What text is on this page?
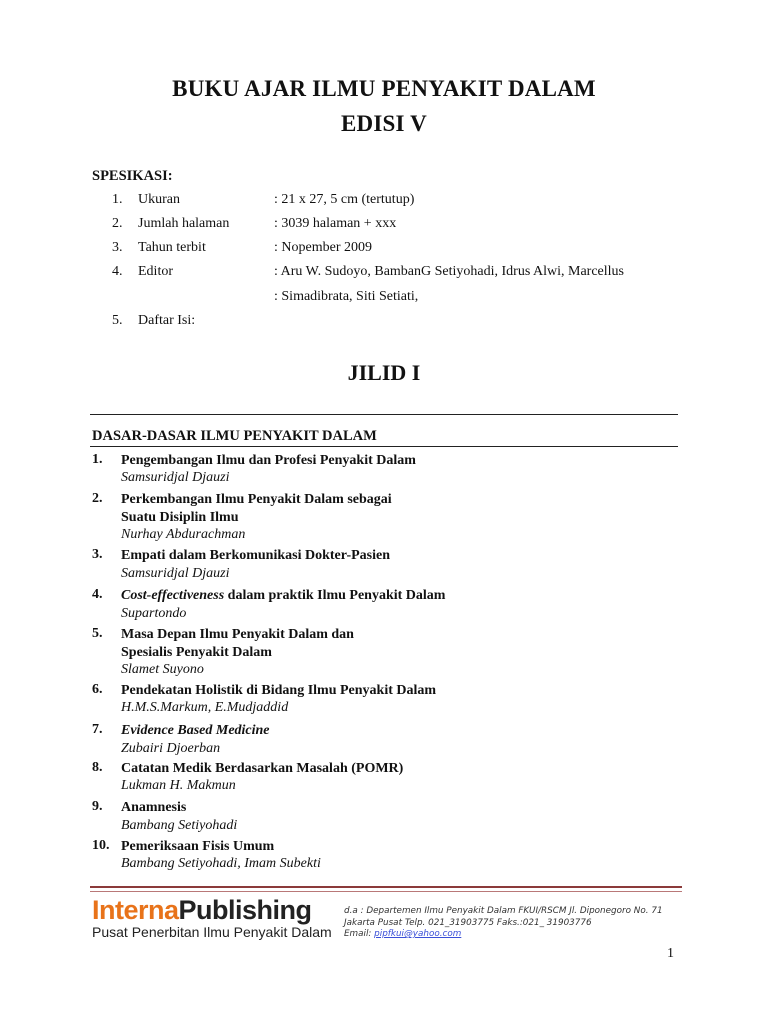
BUKU AJAR ILMU PENYAKIT DALAM
EDISI V
SPESIKASI:
1. Ukuran	: 21 x 27, 5 cm (tertutup)
2. Jumlah halaman	: 3039 halaman + xxx
3. Tahun terbit	: Nopember 2009
4. Editor	: Aru W. Sudoyo, BambanG Setiyohadi, Idrus Alwi, Marcellus
: Simadibrata, Siti Setiati,
5. Daftar Isi:
JILID I
DASAR-DASAR ILMU PENYAKIT DALAM
1. Pengembangan Ilmu dan Profesi Penyakit Dalam
Samsuridjal Djauzi
2. Perkembangan Ilmu Penyakit Dalam sebagai
Suatu Disiplin Ilmu
Nurhay Abdurachman
3. Empati dalam Berkomunikasi Dokter-Pasien
Samsuridjal Djauzi
4. Cost-effectiveness dalam praktik Ilmu Penyakit Dalam
Supartondo
5. Masa Depan Ilmu Penyakit Dalam dan
Spesialis Penyakit Dalam
Slamet Suyono
6. Pendekatan Holistik di Bidang Ilmu Penyakit Dalam
H.M.S.Markum, E.Mudjaddid
7. Evidence Based Medicine
Zubairi Djoerban
8. Catatan Medik Berdasarkan Masalah (POMR)
Lukman H. Makmun
9. Anamnesis
Bambang Setiyohadi
10. Pemeriksaan Fisis Umum
Bambang Setiyohadi, Imam Subekti
InternaPublishing
Pusat Penerbitan Ilmu Penyakit Dalam
d.a : Departemen Ilmu Penyakit Dalam FKUI/RSCM Jl. Diponegoro No. 71
Jakarta Pusat Telp. 021_31903775 Faks.:021_ 31903776
Email: pipfkui@yahoo.com
1
